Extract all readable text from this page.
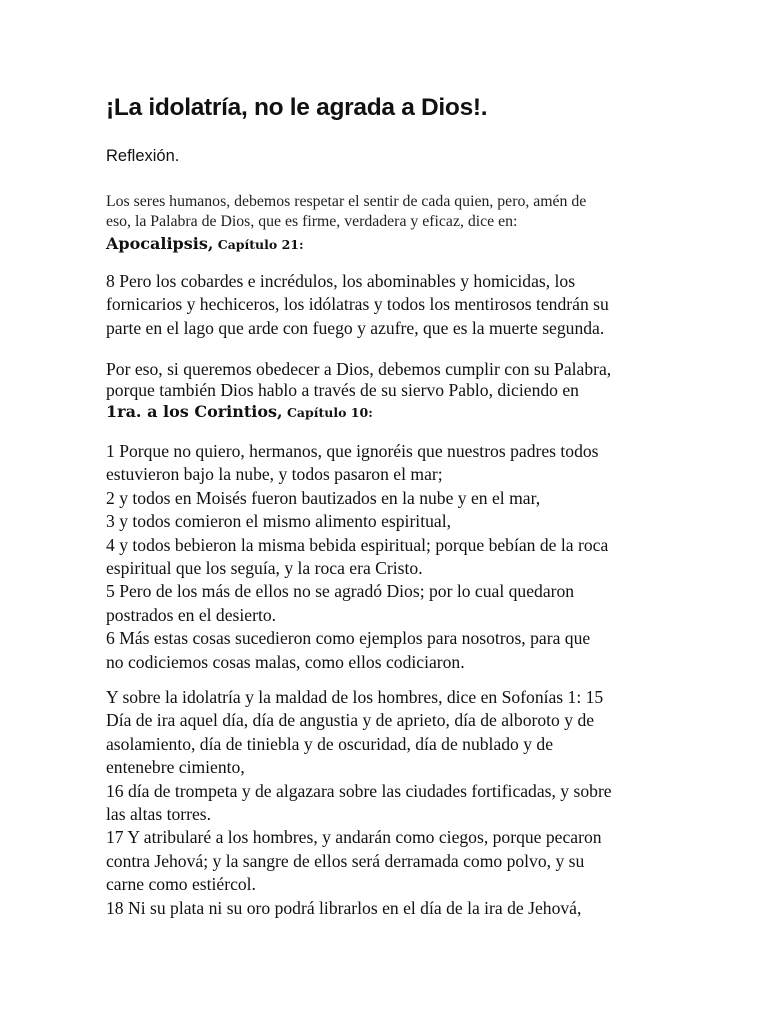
¡La idolatría, no le agrada a Dios!.

Reflexión.

Los seres humanos, debemos respetar el sentir de cada quien, pero, amén de
eso, la Palabra de Dios, que es firme, verdadera y eficaz, dice en:

Apocalipsis, Capítulo 21:

8 Pero los cobardes e incrédulos, los abominables y homicidas, los
fornicarios y hechiceros, los idólatras y todos los mentirosos tendrán su
parte en el lago que arde con fuego y azufre, que es la muerte segunda.
Por eso, si queremos obedecer a Dios, debemos cumplir con su Palabra,
porque también Dios hablo a través de su siervo Pablo, diciendo en

1ra. a los Corintios, Capítulo 10:

1 Porque no quiero, hermanos, que ignoréis que nuestros padres todos
estuvieron bajo la nube, y todos pasaron el mar;
2 y todos en Moisés fueron bautizados en la nube y en el mar,
3 y todos comieron el mismo alimento espiritual,
4 y todos bebieron la misma bebida espiritual; porque bebían de la roca
espiritual que los seguía, y la roca era Cristo.
5 Pero de los más de ellos no se agradó Dios; por lo cual quedaron
postrados en el desierto.
6 Más estas cosas sucedieron como ejemplos para nosotros, para que
no codiciemos cosas malas, como ellos codiciaron.
Y sobre la idolatría y la maldad de los hombres, dice en Sofonías 1: 15
Día de ira aquel día, día de angustia y de aprieto, día de alboroto y de
asolamiento, día de tiniebla y de oscuridad, día de nublado y de
entenebre cimiento,
16 día de trompeta y de algazara sobre las ciudades fortificadas, y sobre
las altas torres.
17 Y atribularé a los hombres, y andarán como ciegos, porque pecaron
contra Jehová; y la sangre de ellos será derramada como polvo, y su
carne como estiércol.
18 Ni su plata ni su oro podrá librarlos en el día de la ira de Jehová,
